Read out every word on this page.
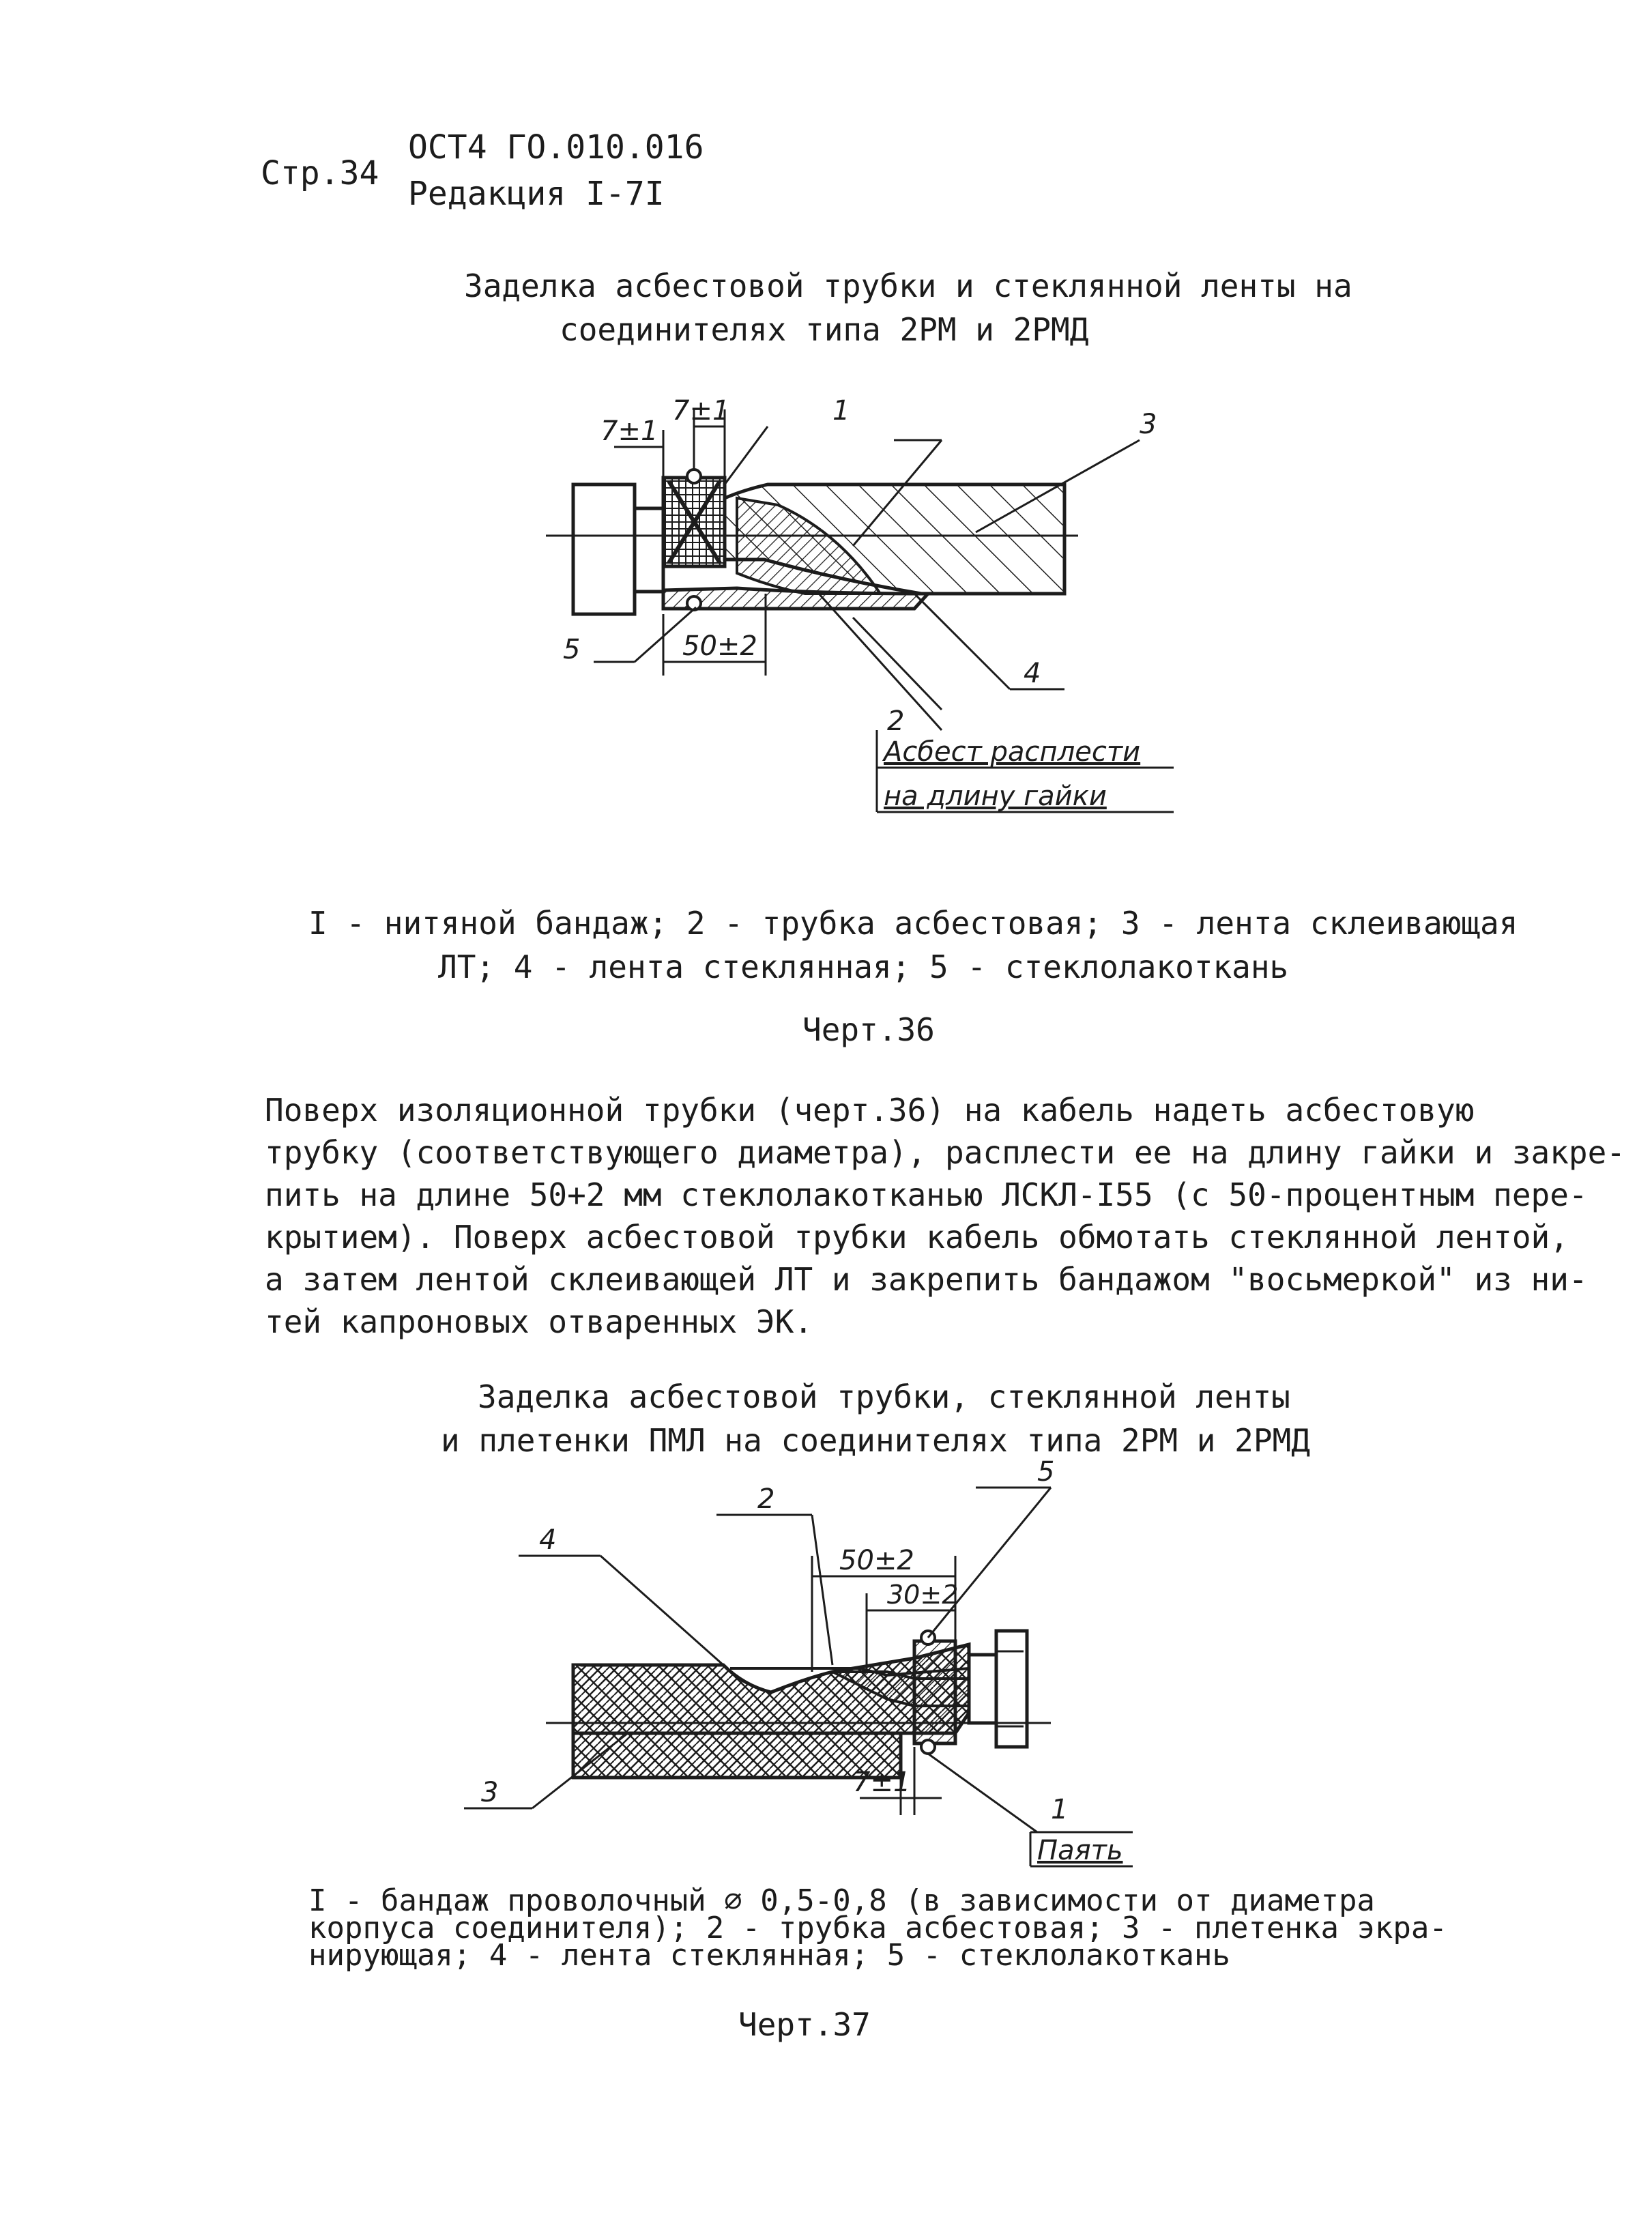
Стр.34
ОСТ4 ГО.010.016
Редакция I-7I
Заделка асбестовой трубки и стеклянной ленты на
соединителях типа 2РМ и 2РМД
7±1
7±1
50±2
1	3
5
4
2
Асбест расплести
на длину гайки
I - нитяной бандаж; 2 - трубка асбестовая; 3 - лента склеивающая
ЛТ; 4 - лента стеклянная; 5 - стеклолакоткань
Черт.36
Поверх изоляционной трубки (черт.36) на кабель надеть асбестовую
трубку (соответствующего диаметра), расплести ее на длину гайки и закре-
пить на длине 50+2 мм стеклолакотканью ЛСКЛ-I55 (с 50-процентным пере-
крытием). Поверх асбестовой трубки кабель обмотать стеклянной лентой,
а затем лентой склеивающей ЛТ и закрепить бандажом "восьмеркой" из ни-
тей капроновых отваренных ЭК.
Заделка асбестовой трубки, стеклянной ленты
и плетенки ПМЛ на соединителях типа 2РМ и 2РМД
50±2
30±2
7±1
4
2
5
3
1
Паять
I - бандаж проволочный ⌀ 0,5-0,8 (в зависимости от диаметра
корпуса соединителя); 2 - трубка асбестовая; 3 - плетенка экра-
нирующая; 4 - лента стеклянная; 5 - стеклолакоткань
Черт.37
